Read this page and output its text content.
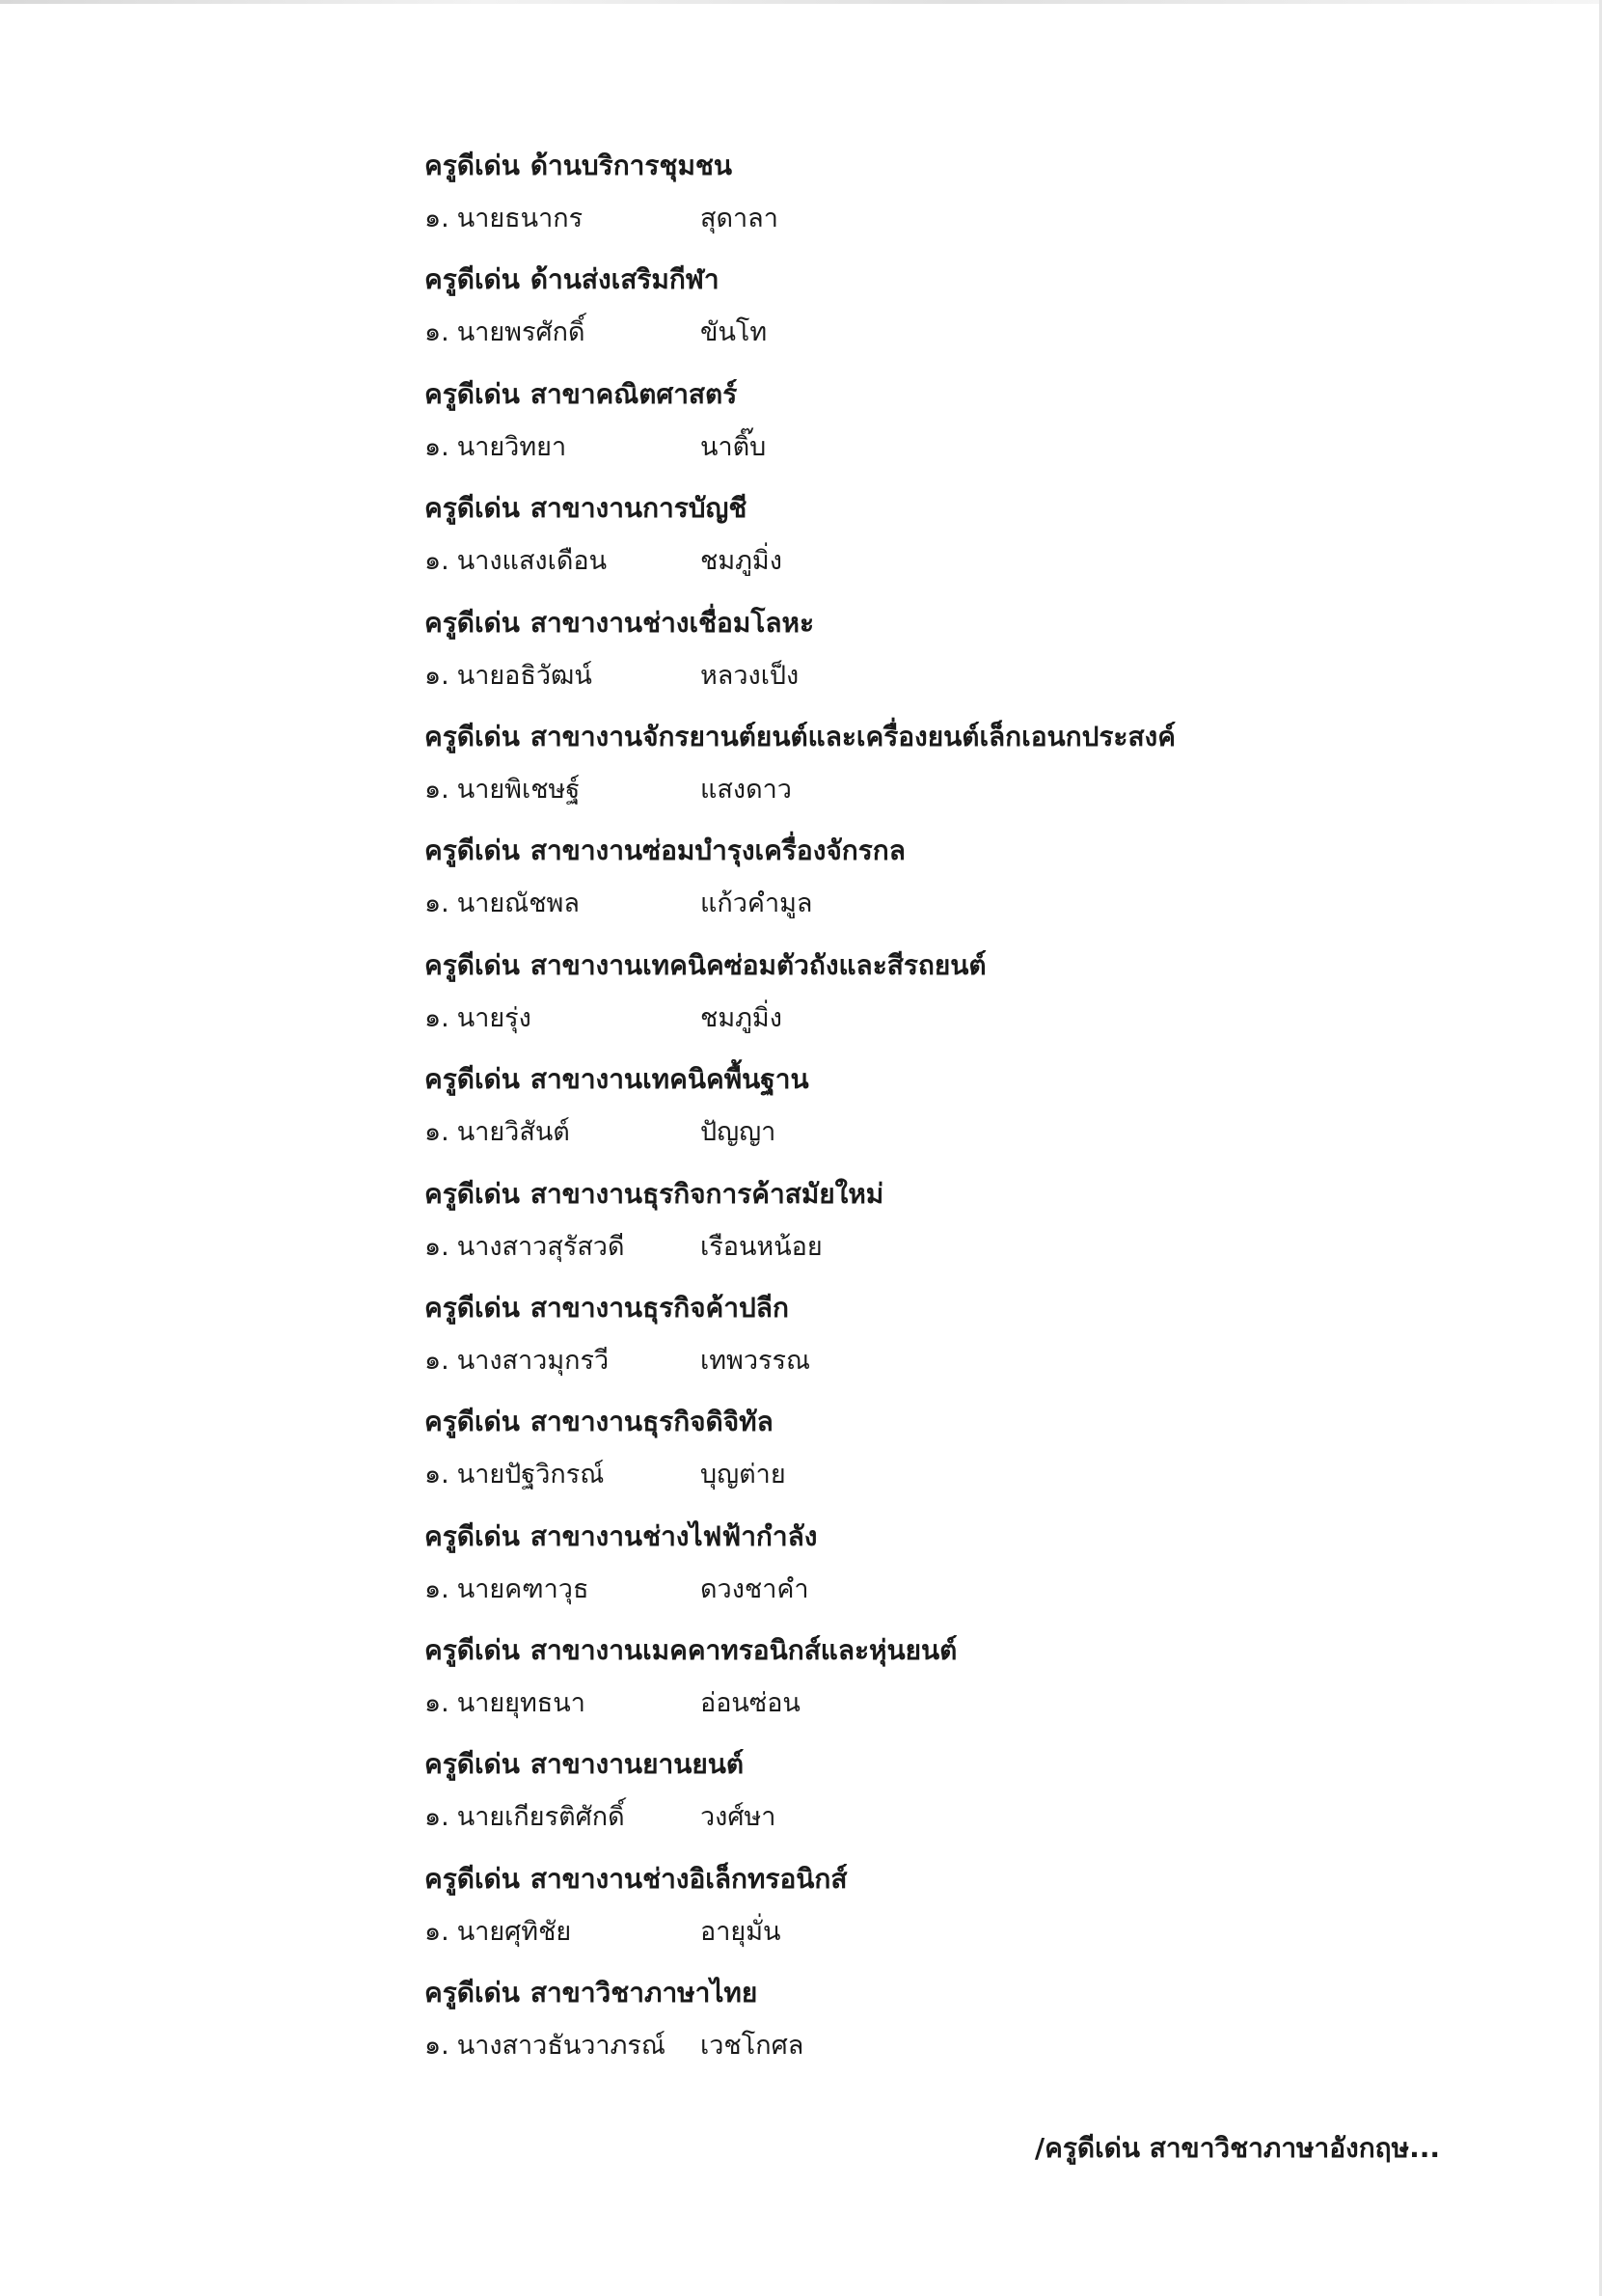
ครูดีเด่น ด้านบริการชุมชน
๑. นายธนากร	สุดาลา
ครูดีเด่น ด้านส่งเสริมกีฬา
๑. นายพรศักดิ์	ขันโท
ครูดีเด่น สาขาคณิตศาสตร์
๑. นายวิทยา	นาติ๊บ
ครูดีเด่น สาขางานการบัญชี
๑. นางแสงเดือน	ชมภูมิ่ง
ครูดีเด่น สาขางานช่างเชื่อมโลหะ
๑. นายอธิวัฒน์	หลวงเป็ง
ครูดีเด่น สาขางานจักรยานต์ยนต์และเครื่องยนต์เล็กเอนกประสงค์
๑. นายพิเชษฐ์	แสงดาว
ครูดีเด่น สาขางานซ่อมบำรุงเครื่องจักรกล
๑. นายณัชพล	แก้วคำมูล
ครูดีเด่น สาขางานเทคนิคซ่อมตัวถังและสีรถยนต์
๑. นายรุ่ง	ชมภูมิ่ง
ครูดีเด่น สาขางานเทคนิคพื้นฐาน
๑. นายวิสันต์	ปัญญา
ครูดีเด่น สาขางานธุรกิจการค้าสมัยใหม่
๑. นางสาวสุรัสวดี	เรือนหน้อย
ครูดีเด่น สาขางานธุรกิจค้าปลีก
๑. นางสาวมุกรวี	เทพวรรณ
ครูดีเด่น สาขางานธุรกิจดิจิทัล
๑. นายปัฐวิกรณ์	บุญต่าย
ครูดีเด่น สาขางานช่างไฟฟ้ากำลัง
๑. นายคฑาวุธ	ดวงชาคำ
ครูดีเด่น สาขางานเมคคาทรอนิกส์และหุ่นยนต์
๑. นายยุทธนา	อ่อนซ่อน
ครูดีเด่น สาขางานยานยนต์
๑. นายเกียรติศักดิ์	วงศ์ษา
ครูดีเด่น สาขางานช่างอิเล็กทรอนิกส์
๑. นายศุทิชัย	อายุมั่น
ครูดีเด่น สาขาวิชาภาษาไทย
๑. นางสาวธันวาภรณ์ เวชโกศล
/ครูดีเด่น สาขาวิชาภาษาอังกฤษ...
